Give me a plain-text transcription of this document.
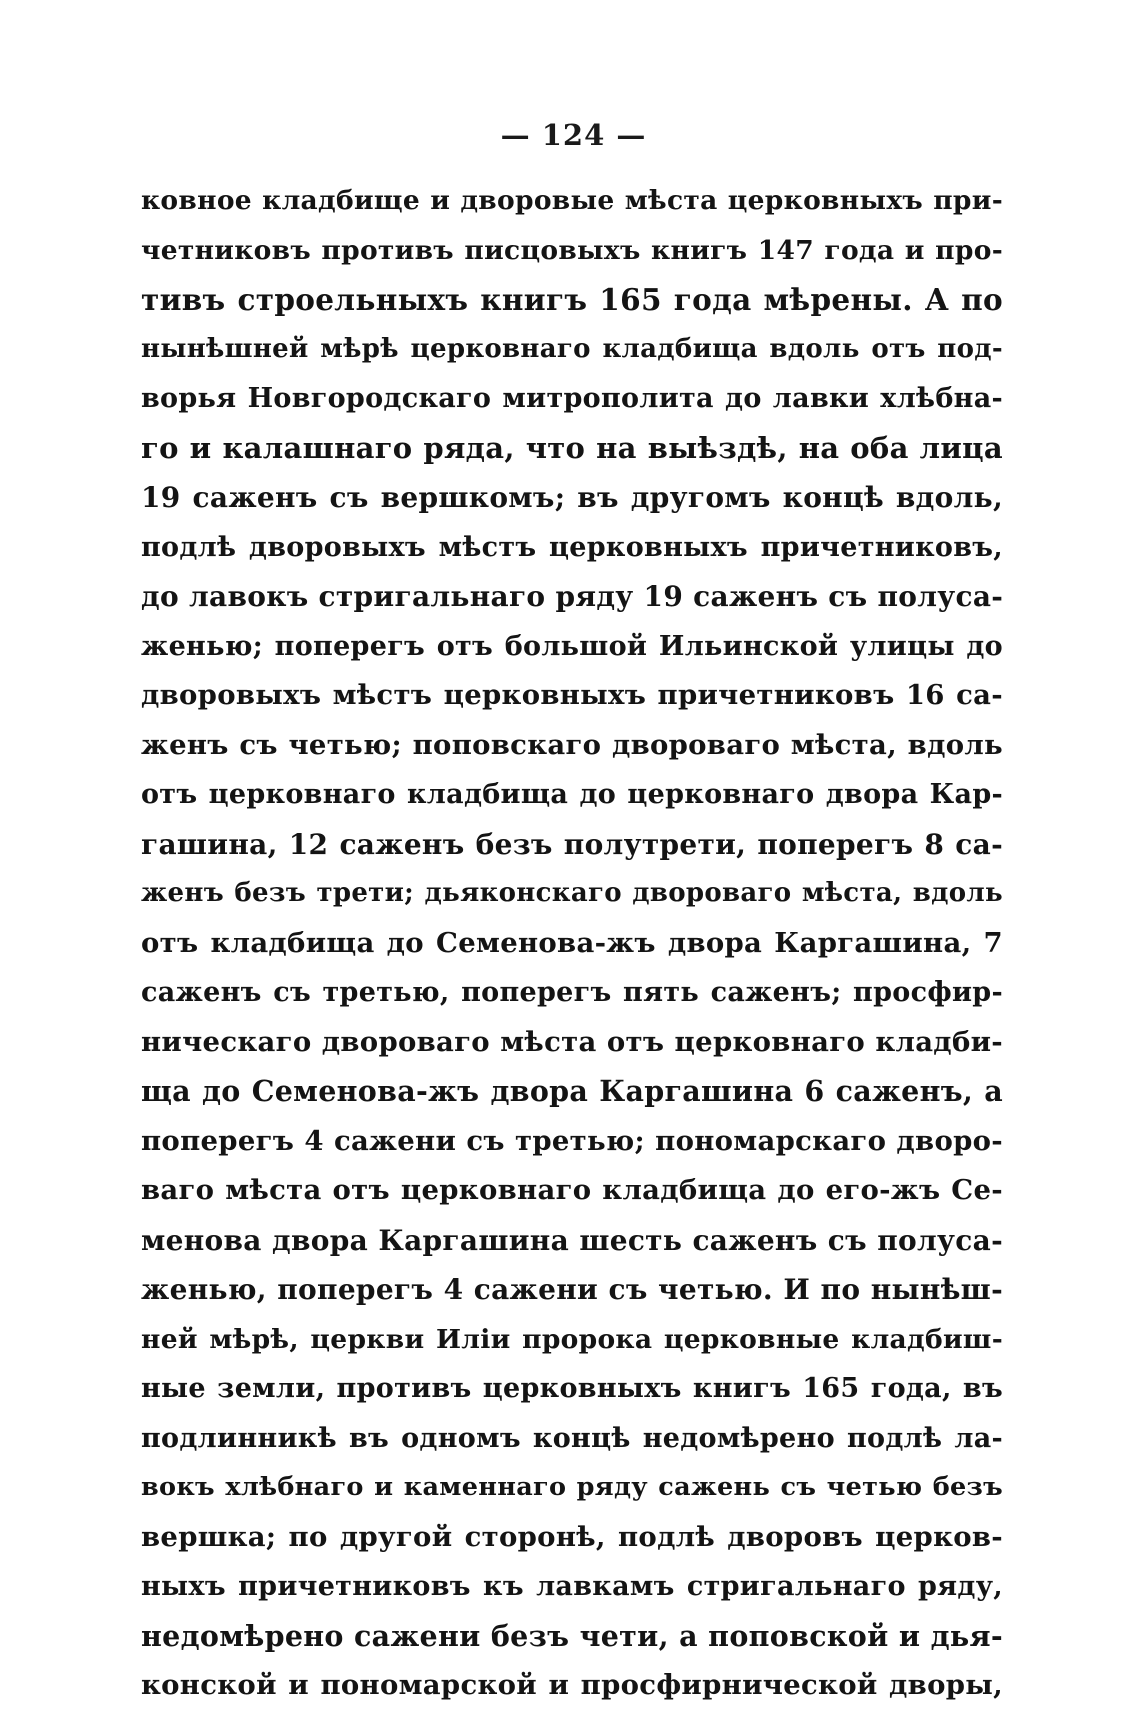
— 124 —
ковное кладбище и дворовые мѣста церковныхъ при-
четниковъ противъ писцовыхъ книгъ 147 года и про-
тивъ строельныхъ книгъ 165 года мѣрены. А по
нынѣшней мѣрѣ церковнаго кладбища вдоль отъ под-
ворья Новгородскаго митрополита до лавки хлѣбна-
го и калашнаго ряда, что на выѣздѣ, на оба лица
19 саженъ съ вершкомъ; въ другомъ концѣ вдоль,
подлѣ дворовыхъ мѣстъ церковныхъ причетниковъ,
до лавокъ стригальнаго ряду 19 саженъ съ полуса-
женью; поперегъ отъ большой Ильинской улицы до
дворовыхъ мѣстъ церковныхъ причетниковъ 16 са-
женъ съ четью; поповскаго двороваго мѣста, вдоль
отъ церковнаго кладбища до церковнаго двора Кар-
гашина, 12 саженъ безъ полутрети, поперегъ 8 са-
женъ безъ трети; дьяконскаго двороваго мѣста, вдоль
отъ кладбища до Семенова-жъ двора Каргашина, 7
саженъ съ третью, поперегъ пять саженъ; просфир-
ническаго двороваго мѣста отъ церковнаго кладби-
ща до Семенова-жъ двора Каргашина 6 саженъ, а
поперегъ 4 сажени съ третью; пономарскаго дворо-
ваго мѣста отъ церковнаго кладбища до его-жъ Се-
менова двора Каргашина шесть саженъ съ полуса-
женью, поперегъ 4 сажени съ четью. И по нынѣш-
ней мѣрѣ, церкви Иліи пророка церковные кладбиш-
ные земли, противъ церковныхъ книгъ 165 года, въ
подлинникѣ въ одномъ концѣ недомѣрено подлѣ ла-
вокъ хлѣбнаго и каменнаго ряду сажень съ четью безъ
вершка; по другой сторонѣ, подлѣ дворовъ церков-
ныхъ причетниковъ къ лавкамъ стригальнаго ряду,
недомѣрено сажени безъ чети, а поповской и дья-
конской и пономарской и просфирнической дворы,
